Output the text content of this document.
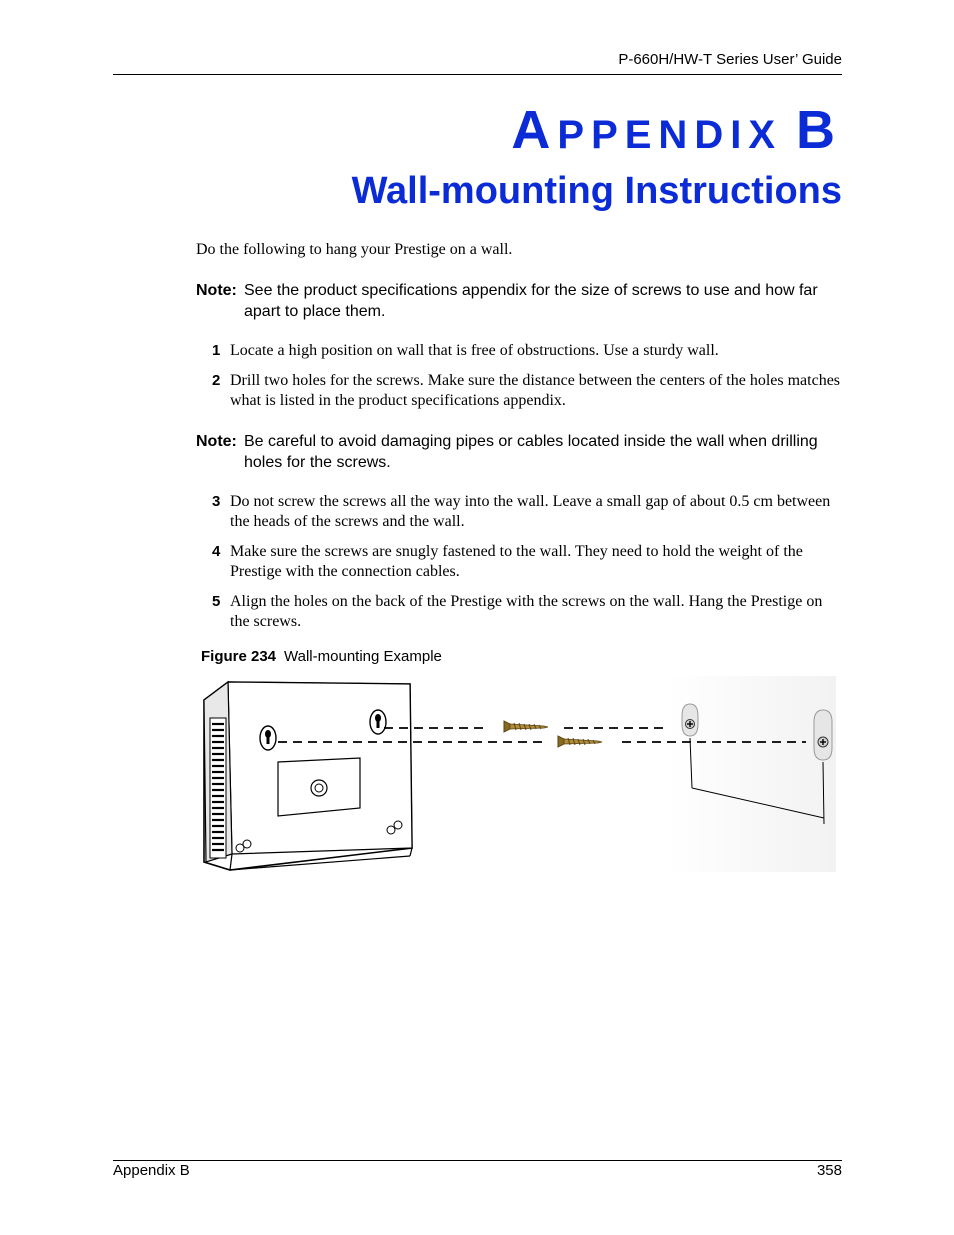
P-660H/HW-T Series User’ Guide
APPENDIX B
Wall-mounting Instructions
Do the following to hang your Prestige on a wall.
Note: See the product specifications appendix for the size of screws to use and how far apart to place them.
1 Locate a high position on wall that is free of obstructions. Use a sturdy wall.
2 Drill two holes for the screws. Make sure the distance between the centers of the holes matches what is listed in the product specifications appendix.
Note: Be careful to avoid damaging pipes or cables located inside the wall when drilling holes for the screws.
3 Do not screw the screws all the way into the wall. Leave a small gap of about 0.5 cm between the heads of the screws and the wall.
4 Make sure the screws are snugly fastened to the wall. They need to hold the weight of the Prestige with the connection cables.
5 Align the holes on the back of the Prestige with the screws on the wall. Hang the Prestige on the screws.
Figure 234 Wall-mounting Example
Appendix B	358
